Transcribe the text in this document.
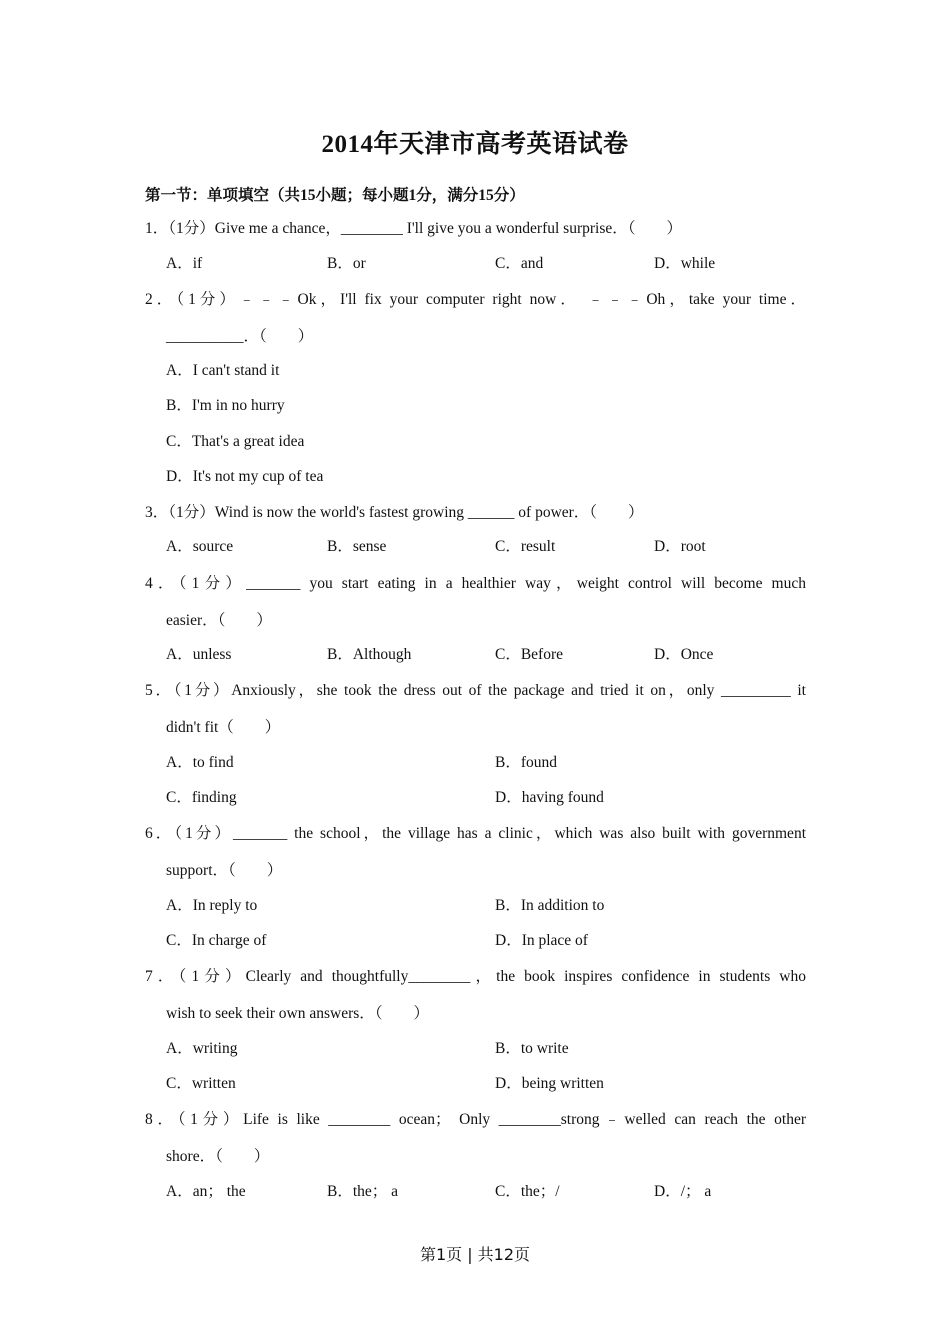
2014年天津市高考英语试卷
第一节：单项填空（共15小题；每小题1分，满分15分）
1．（1分）Give me a chance，________ I'll give you a wonderful surprise．（　　）
A．if	B．or	C．and	D．while
2．（1分）﹣﹣﹣Ok，I'll fix your computer right now． ﹣﹣﹣Oh，take your time．
__________．（　　）
A．I can't stand it
B．I'm in no hurry
C．That's a great idea
D．It's not my cup of tea
3．（1分）Wind is now the world's fastest growing ______ of power．（　　）
A．source	B．sense	C．result	D．root
4．（1分）_______ you start eating in a healthier way，weight control will become much
easier．（　　）
A．unless	B．Although	C．Before	D．Once
5．（1分）Anxiously，she took the dress out of the package and tried it on，only _________ it
didn't fit（　　）
A．to find	B．found
C．finding	D．having found
6．（1分）_______ the school，the village has a clinic，which was also built with government
support．（　　）
A．In reply to	B．In addition to
C．In charge of	D．In place of
7．（1分）Clearly and thoughtfully________，the book inspires confidence in students who
wish to seek their own answers．（　　）
A．writing	B．to write
C．written	D．being written
8．（1分）Life is like ________ ocean； Only ________strong﹣welled can reach the other
shore．（　　）
A．an； the	B．the； a	C．the；/	D．/； a
第1页 | 共12页
